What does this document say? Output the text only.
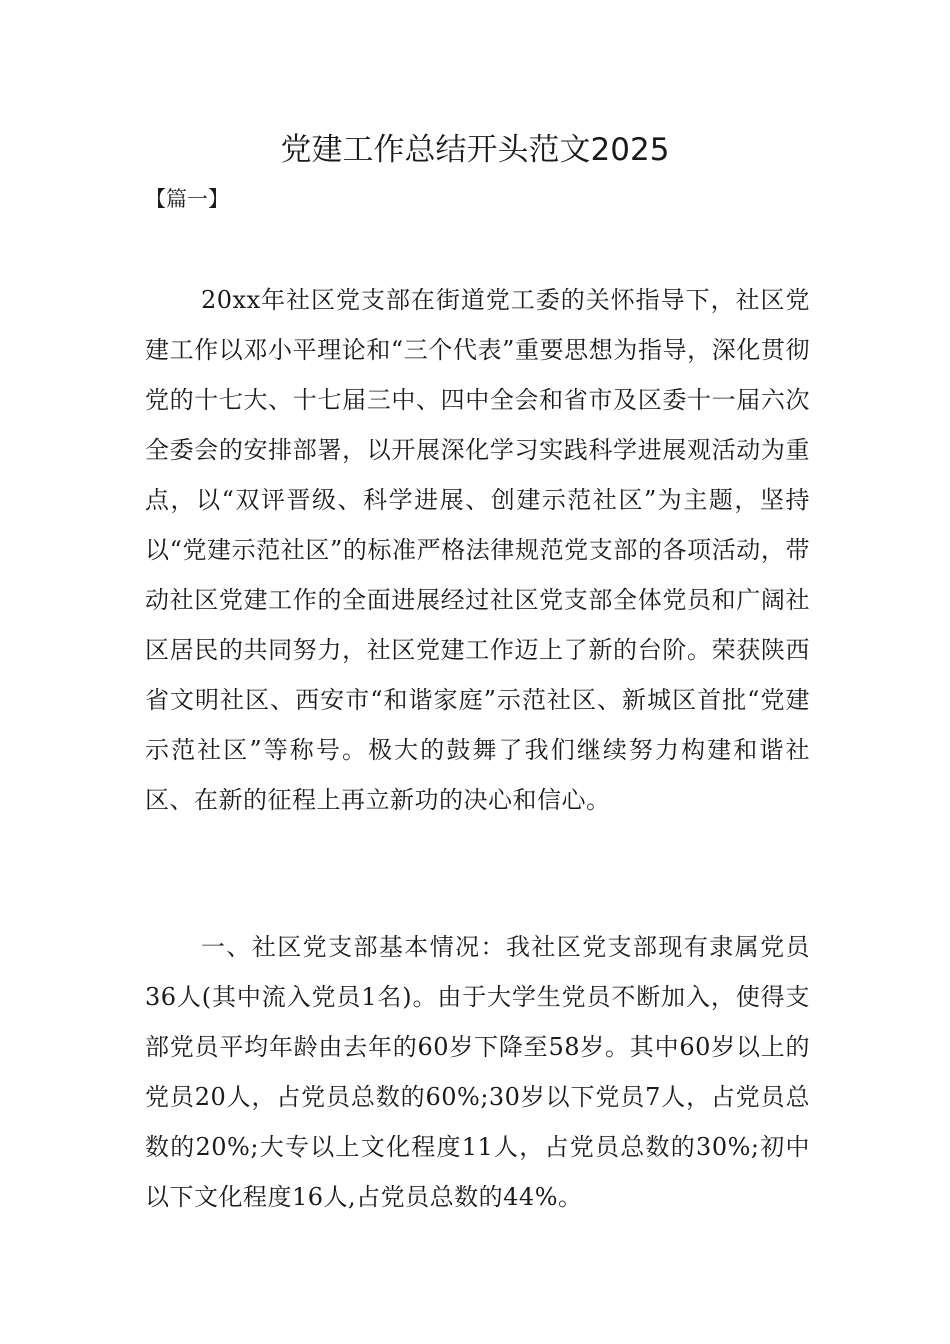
党建工作总结开头范文2025
【篇一】

20xx年社区党支部在街道党工委的关怀指导下，社区党建工作以邓小平理论和“三个代表”重要思想为指导，深化贯彻党的十七大、十七届三中、四中全会和省市及区委十一届六次全委会的安排部署，以开展深化学习实践科学进展观活动为重点，以“双评晋级、科学进展、创建示范社区”为主题，坚持以“党建示范社区”的标准严格法律规范党支部的各项活动，带动社区党建工作的全面进展经过社区党支部全体党员和广阔社区居民的共同努力，社区党建工作迈上了新的台阶。荣获陕西省文明社区、西安市“和谐家庭”示范社区、新城区首批“党建示范社区”等称号。极大的鼓舞了我们继续努力构建和谐社区、在新的征程上再立新功的决心和信心。

一、社区党支部基本情况：我社区党支部现有隶属党员36人(其中流入党员1名)。由于大学生党员不断加入，使得支部党员平均年龄由去年的60岁下降至58岁。其中60岁以上的党员20人，占党员总数的60%;30岁以下党员7人，占党员总数的20%;大专以上文化程度11人，占党员总数的30%;初中以下文化程度16人,占党员总数的44%。
